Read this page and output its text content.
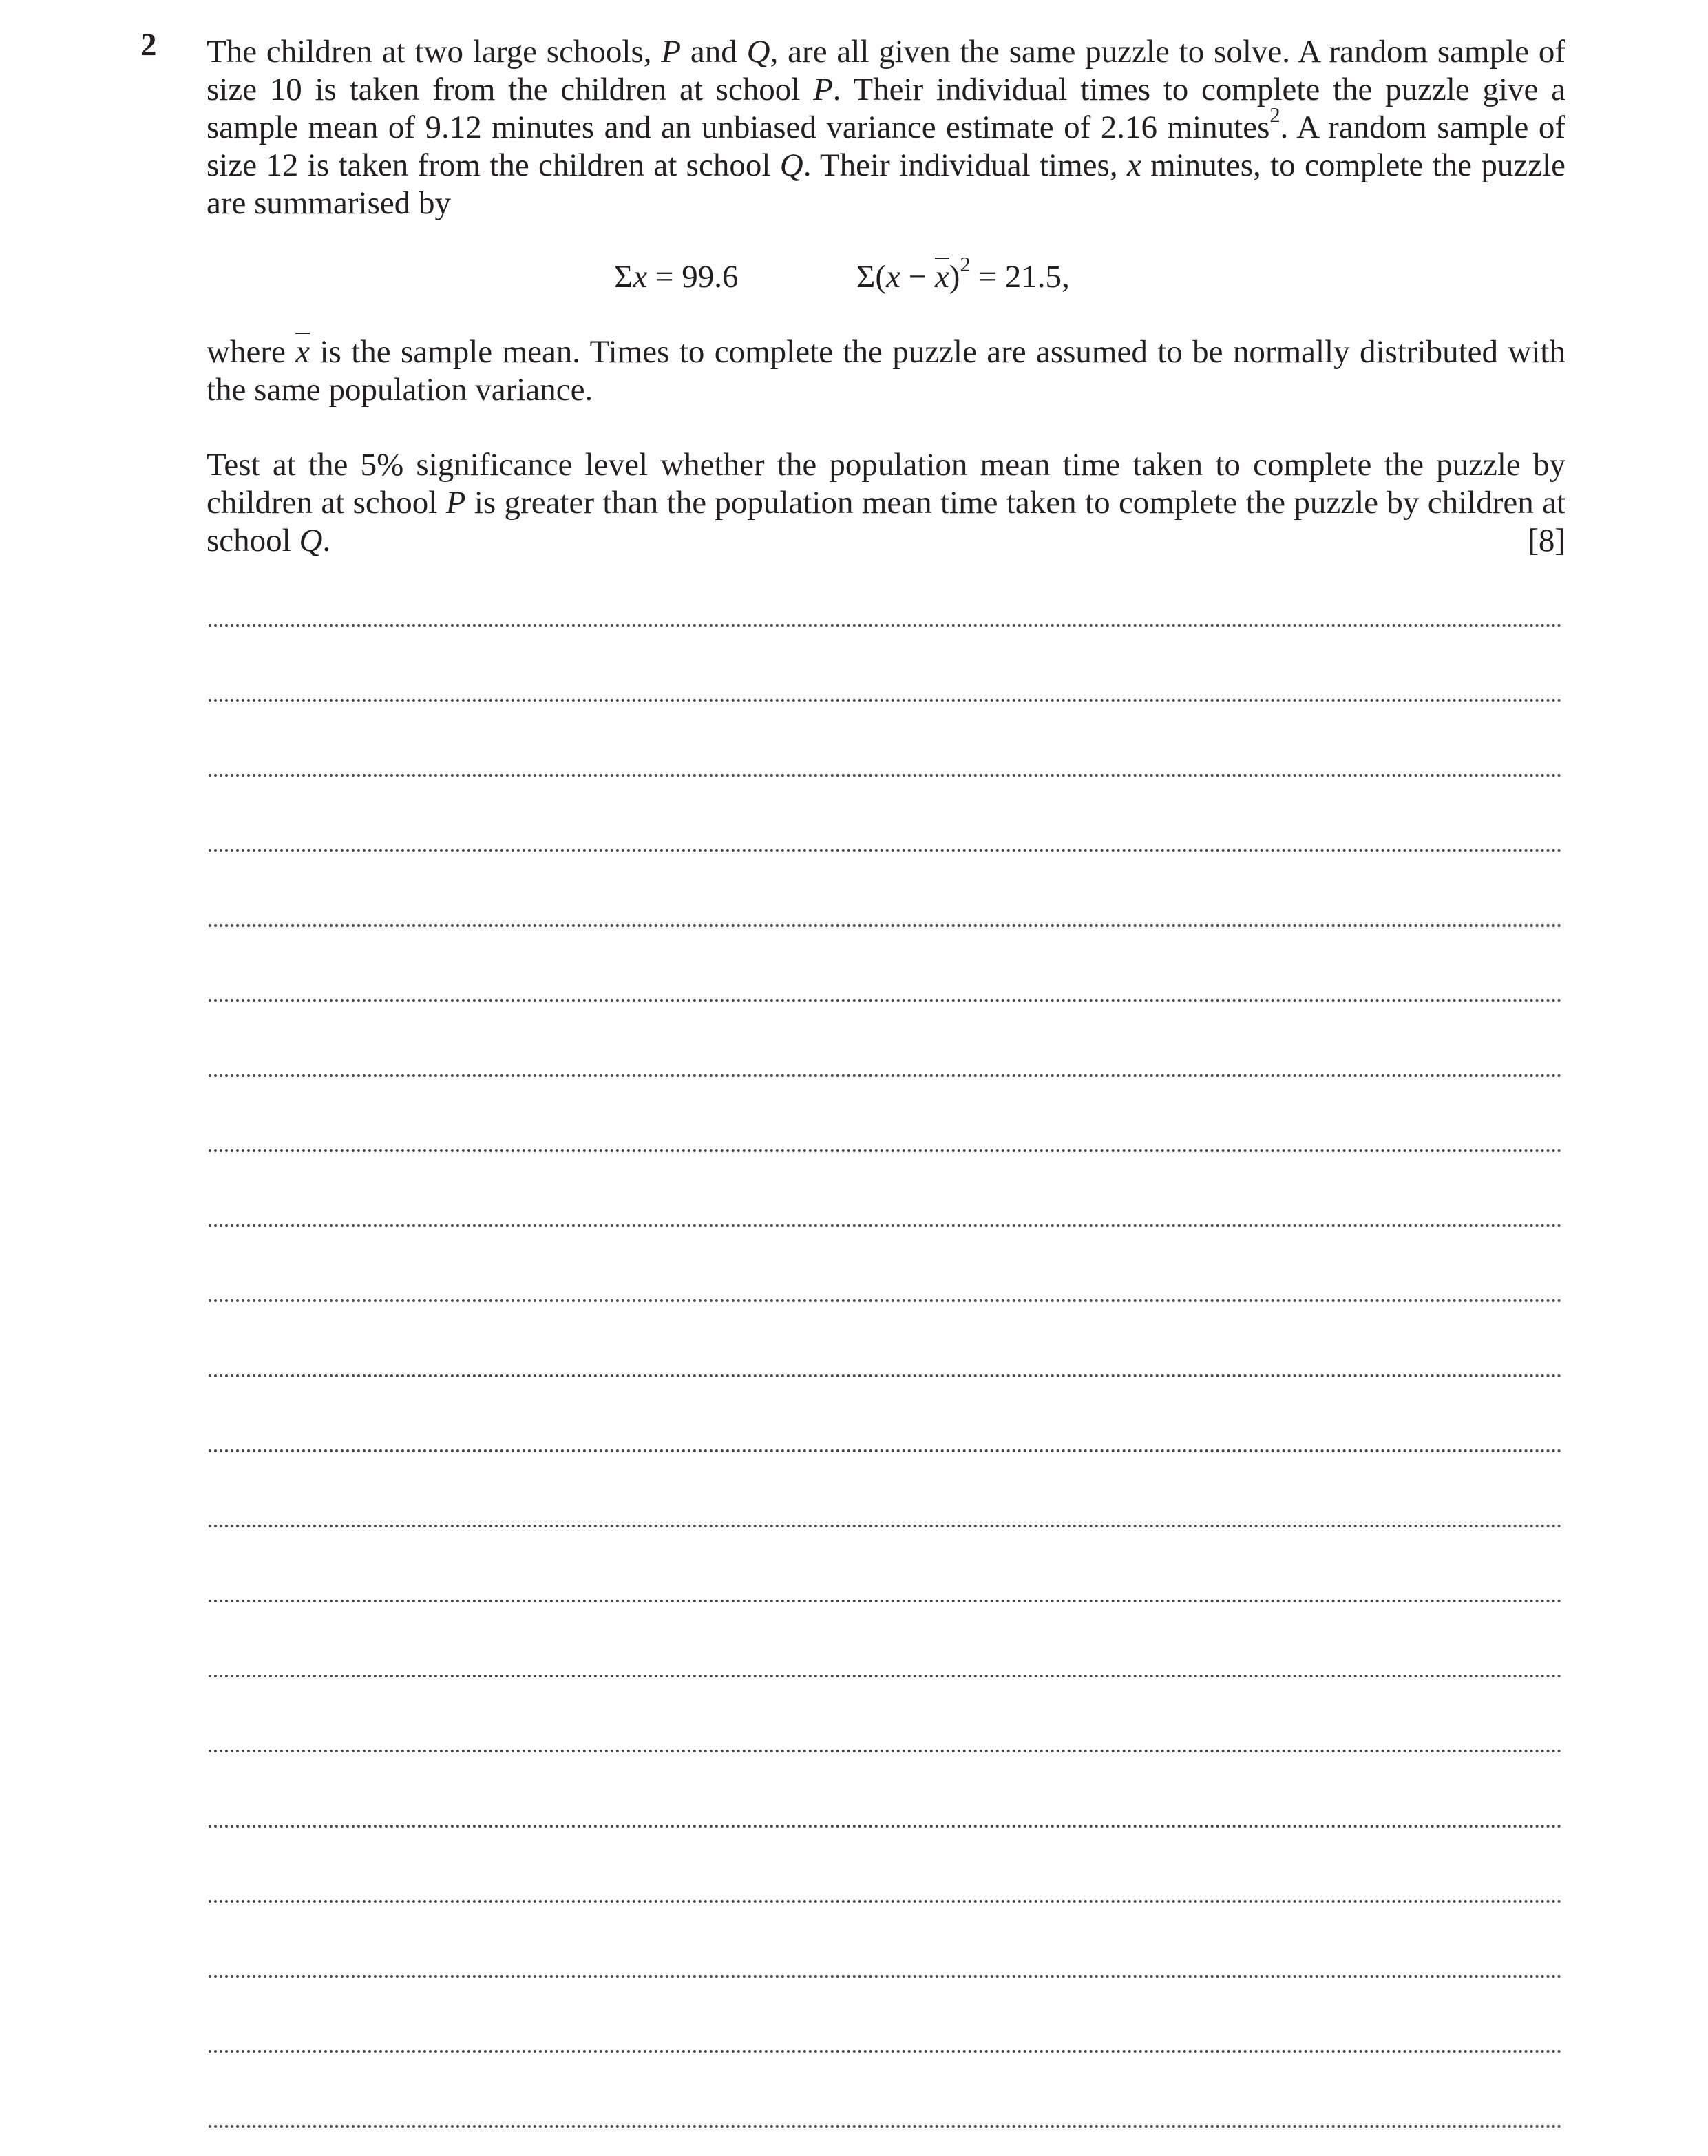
2 The children at two large schools, P and Q, are all given the same puzzle to solve. A random sample of size 10 is taken from the children at school P. Their individual times to complete the puzzle give a sample mean of 9.12 minutes and an unbiased variance estimate of 2.16 minutes$^2$. A random sample of size 12 is taken from the children at school Q. Their individual times, x minutes, to complete the puzzle are summarised by
Σx = 99.6	$\Sigma(x - \overline{x})^2 = 21.5$,
where $\overline{x}$ is the sample mean. Times to complete the puzzle are assumed to be normally distributed with the same population variance.
Test at the 5% significance level whether the population mean time taken to complete the puzzle by children at school P is greater than the population mean time taken to complete the puzzle by children at school Q.	[8]
